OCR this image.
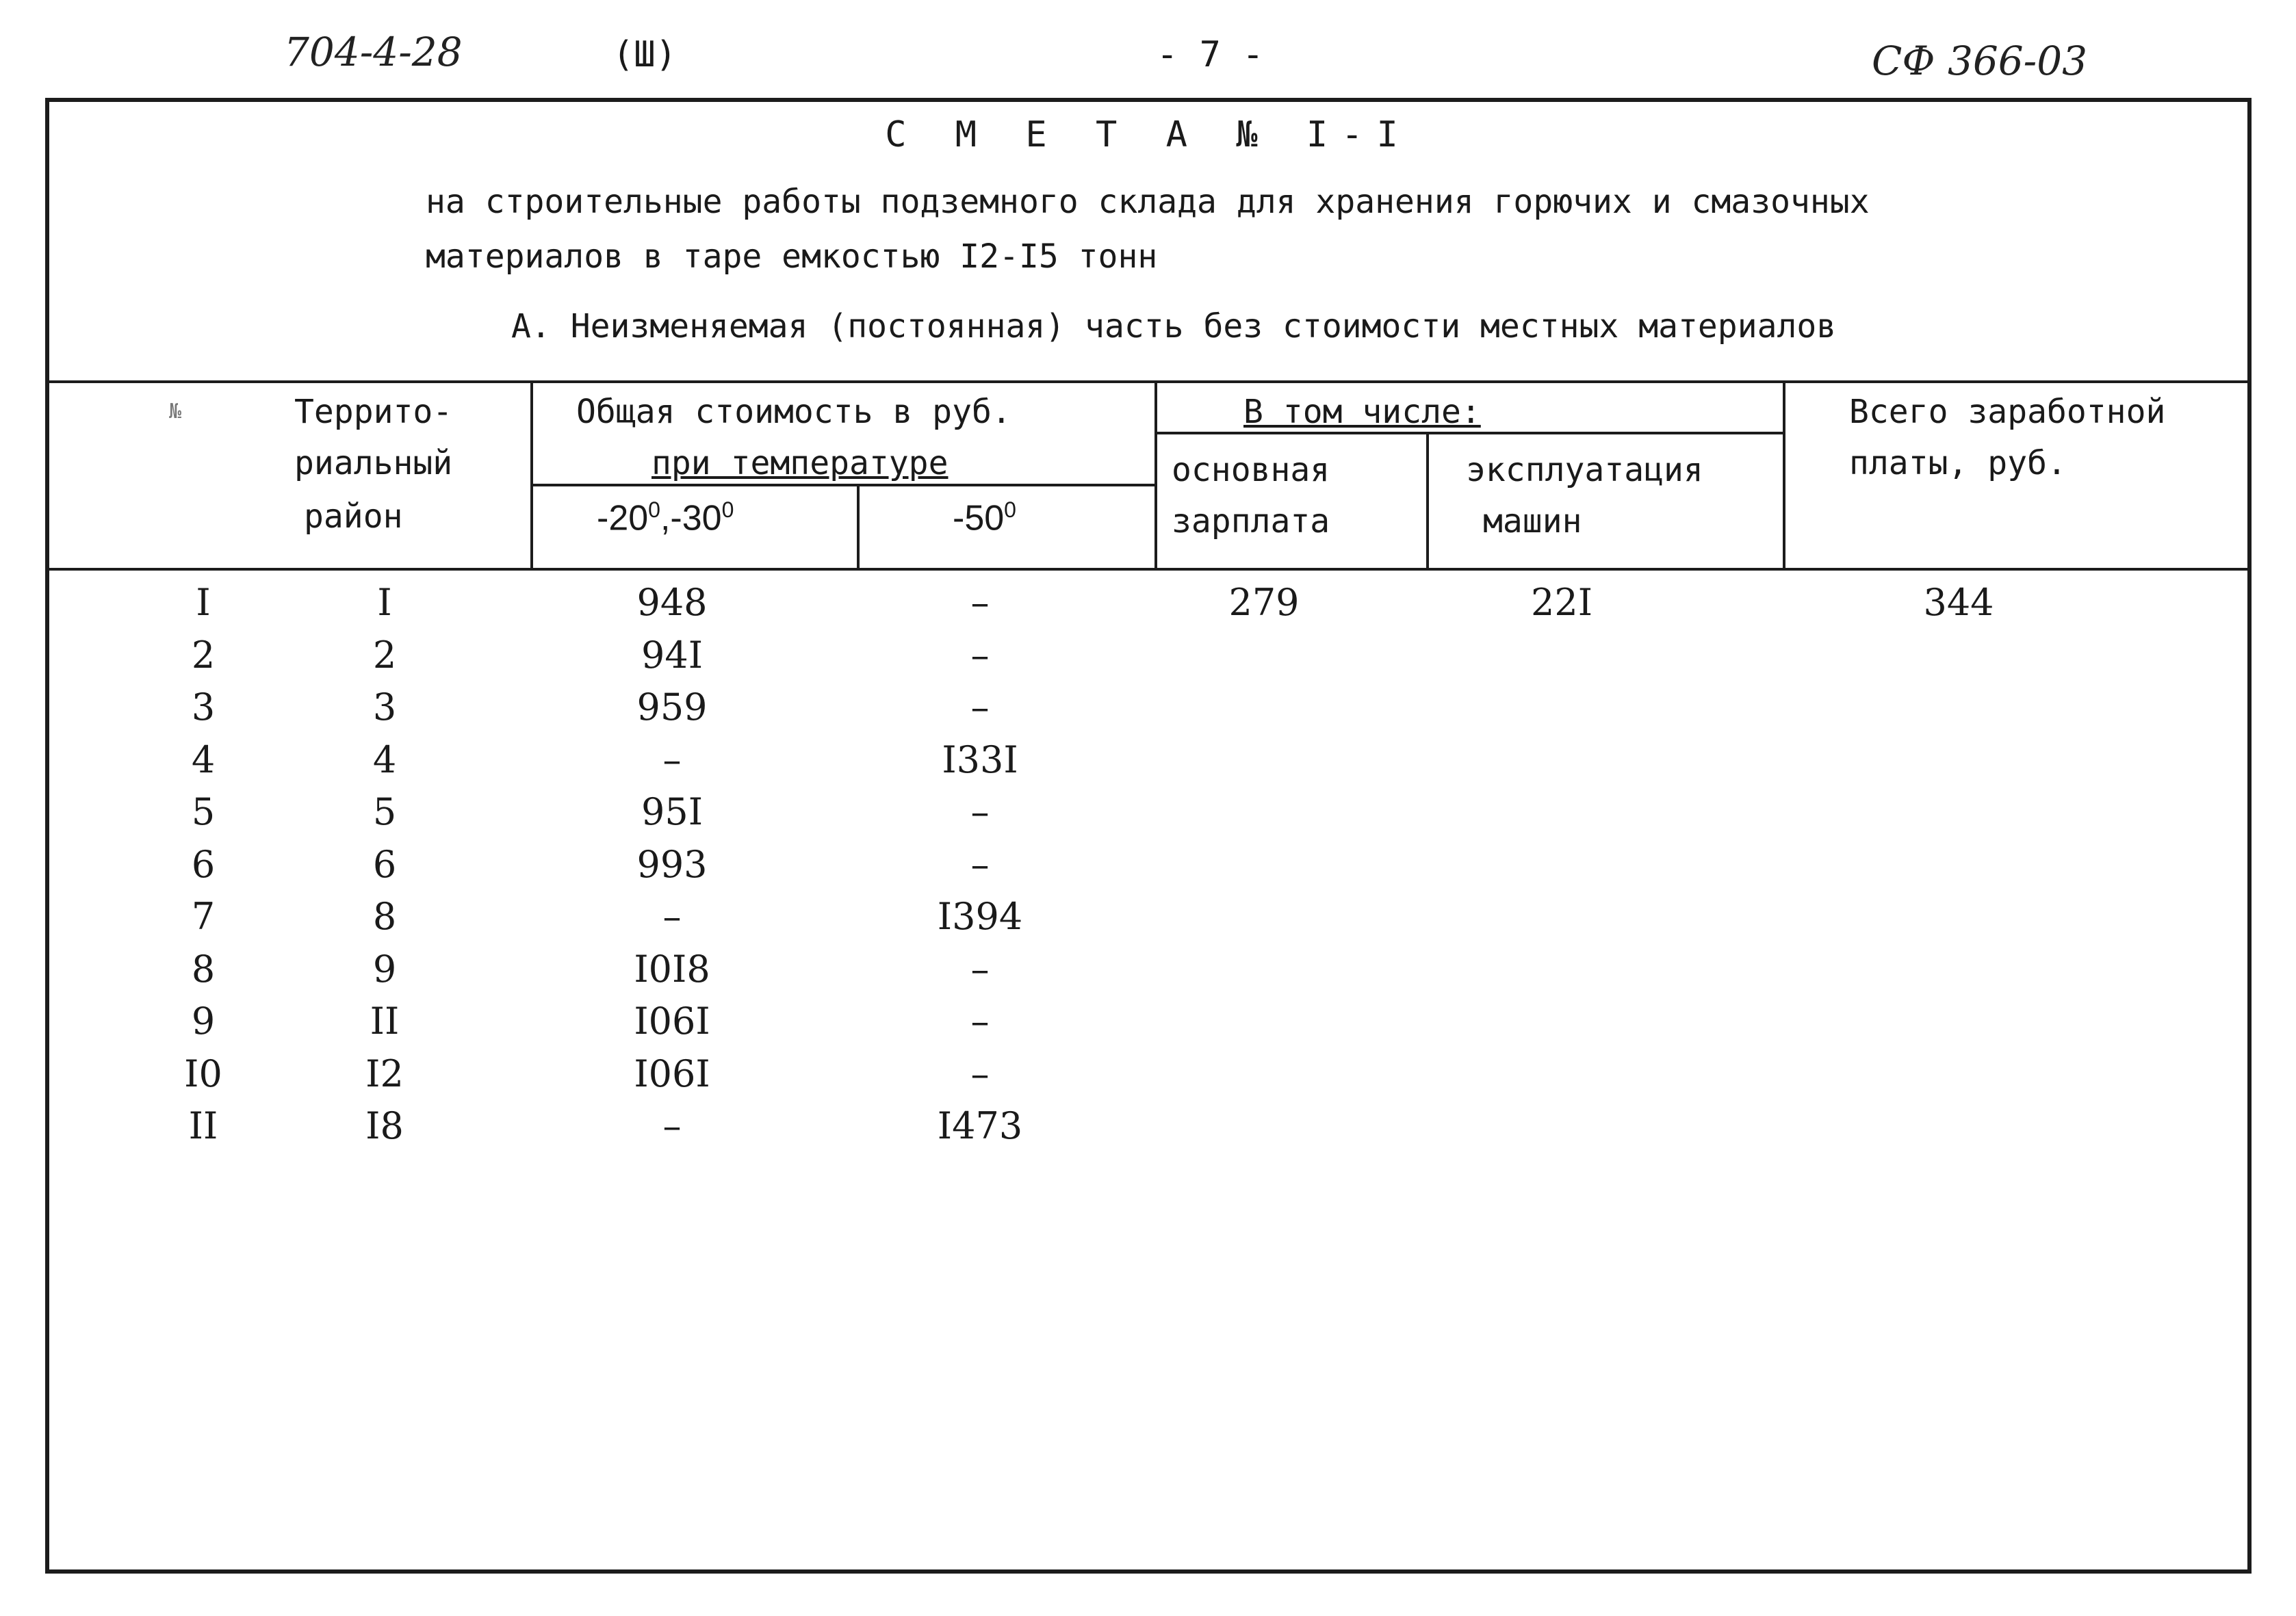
704-4-28	(Ш)	- 7 -	СФ 366-03
С М Е Т А № I-I
на строительные работы подземного склада для хранения горючих и смазочных
материалов в таре емкостью I2-I5 тонн
А. Неизменяемая (постоянная) часть без стоимости местных материалов
№	Террито-
риальный
район
Общая стоимость в руб.
при температуре
$-20^0,-30^0$	$-50^0$
В том числе:
основная
зарплата
эксплуатация
машин
Всего заработной
платы, руб.
I	I	948	–	279	22I	344
2	2	94I	–
3	3	959	–
4	4	–	I33I
5	5	95I	–
6	6	993	–
7	8	–	I394
8	9	I0I8	–
9	II	I06I	–
I0	I2	I06I	–
II	I8	–	I473
